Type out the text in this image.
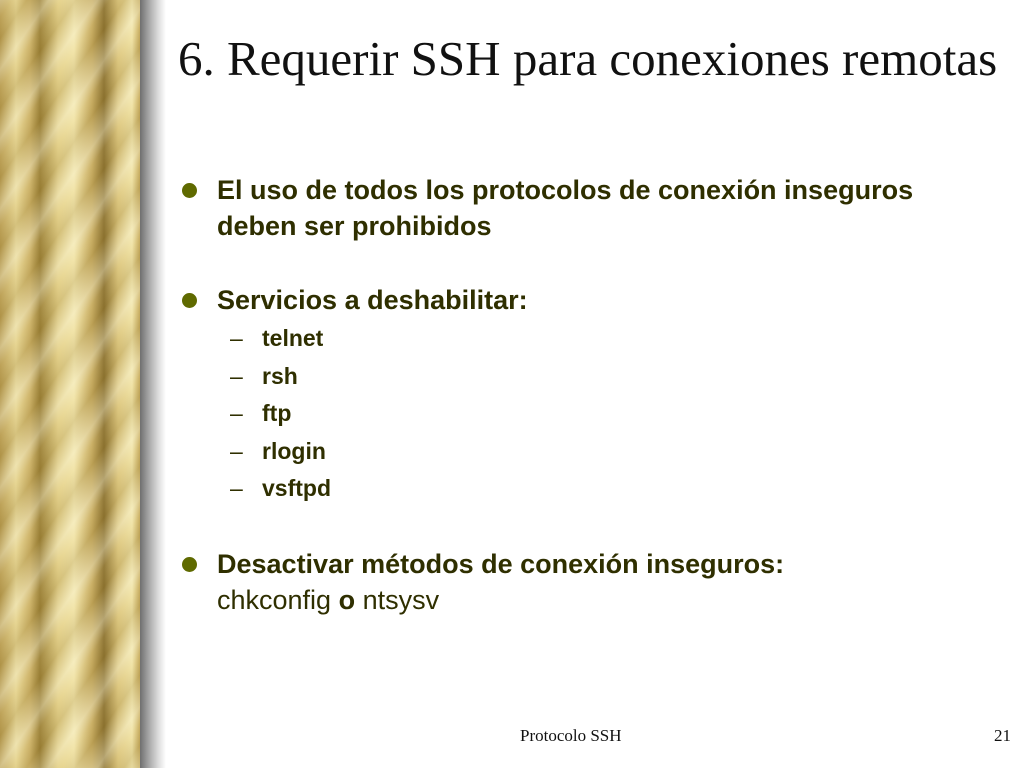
6. Requerir SSH para conexiones remotas
El uso de todos los protocolos de conexión inseguros deben ser prohibidos
Servicios a deshabilitar:
– telnet
– rsh
– ftp
– rlogin
– vsftpd
Desactivar métodos de conexión inseguros:
chkconfig o ntsysv
Protocolo SSH	21
